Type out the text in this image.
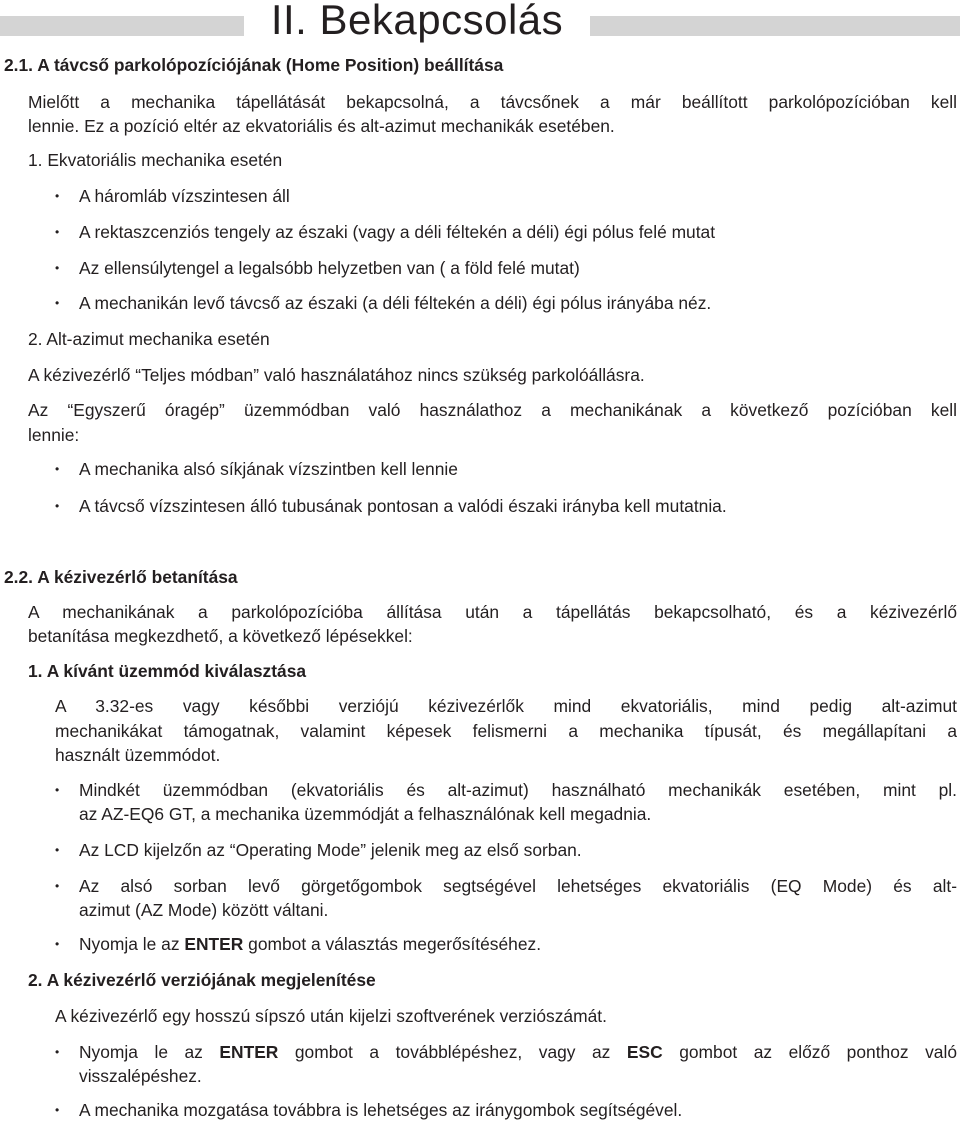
II. Bekapcsolás
2.1. A távcső parkolópozíciójának (Home Position) beállítása
Mielőtt a mechanika tápellátását bekapcsolná, a távcsőnek a már beállított parkolópozícióban kell
lennie. Ez a pozíció eltér az ekvatoriális és alt-azimut mechanikák esetében.
1. Ekvatoriális mechanika esetén
• A háromláb vízszintesen áll
• A rektaszcenziós tengely az északi (vagy a déli féltekén a déli) égi pólus felé mutat
• Az ellensúlytengel a legalsóbb helyzetben van ( a föld felé mutat)
• A mechanikán levő távcső az északi (a déli féltekén a déli) égi pólus irányába néz.
2. Alt-azimut mechanika esetén
A kézivezérlő “Teljes módban” való használatához nincs szükség parkolóállásra.
Az “Egyszerű óragép” üzemmódban való használathoz a mechanikának a következő pozícióban kell
lennie:
• A mechanika alsó síkjának vízszintben kell lennie
• A távcső vízszintesen álló tubusának pontosan a valódi északi irányba kell mutatnia.
2.2. A kézivezérlő betanítása
A mechanikának a parkolópozícióba állítása után a tápellátás bekapcsolható, és a kézivezérlő
betanítása megkezdhető, a következő lépésekkel:
1. A kívánt üzemmód kiválasztása
A 3.32-es vagy későbbi verziójú kézivezérlők mind ekvatoriális, mind pedig alt-azimut
mechanikákat támogatnak, valamint képesek felismerni a mechanika típusát, és megállapítani a
használt üzemmódot.
• Mindkét üzemmódban (ekvatoriális és alt-azimut) használható mechanikák esetében, mint pl.
az AZ-EQ6 GT, a mechanika üzemmódját a felhasználónak kell megadnia.
• Az LCD kijelzőn az “Operating Mode” jelenik meg az első sorban.
• Az alsó sorban levő görgetőgombok segtségével lehetséges ekvatoriális (EQ Mode) és alt-
azimut (AZ Mode) között váltani.
• Nyomja le az ENTER gombot a választás megerősítéséhez.
2. A kézivezérlő verziójának megjelenítése
A kézivezérlő egy hosszú sípszó után kijelzi szoftverének verziószámát.
• Nyomja le az ENTER gombot a továbblépéshez, vagy az ESC gombot az előző ponthoz való
visszalépéshez.
• A mechanika mozgatása továbbra is lehetséges az iránygombok segítségével.
